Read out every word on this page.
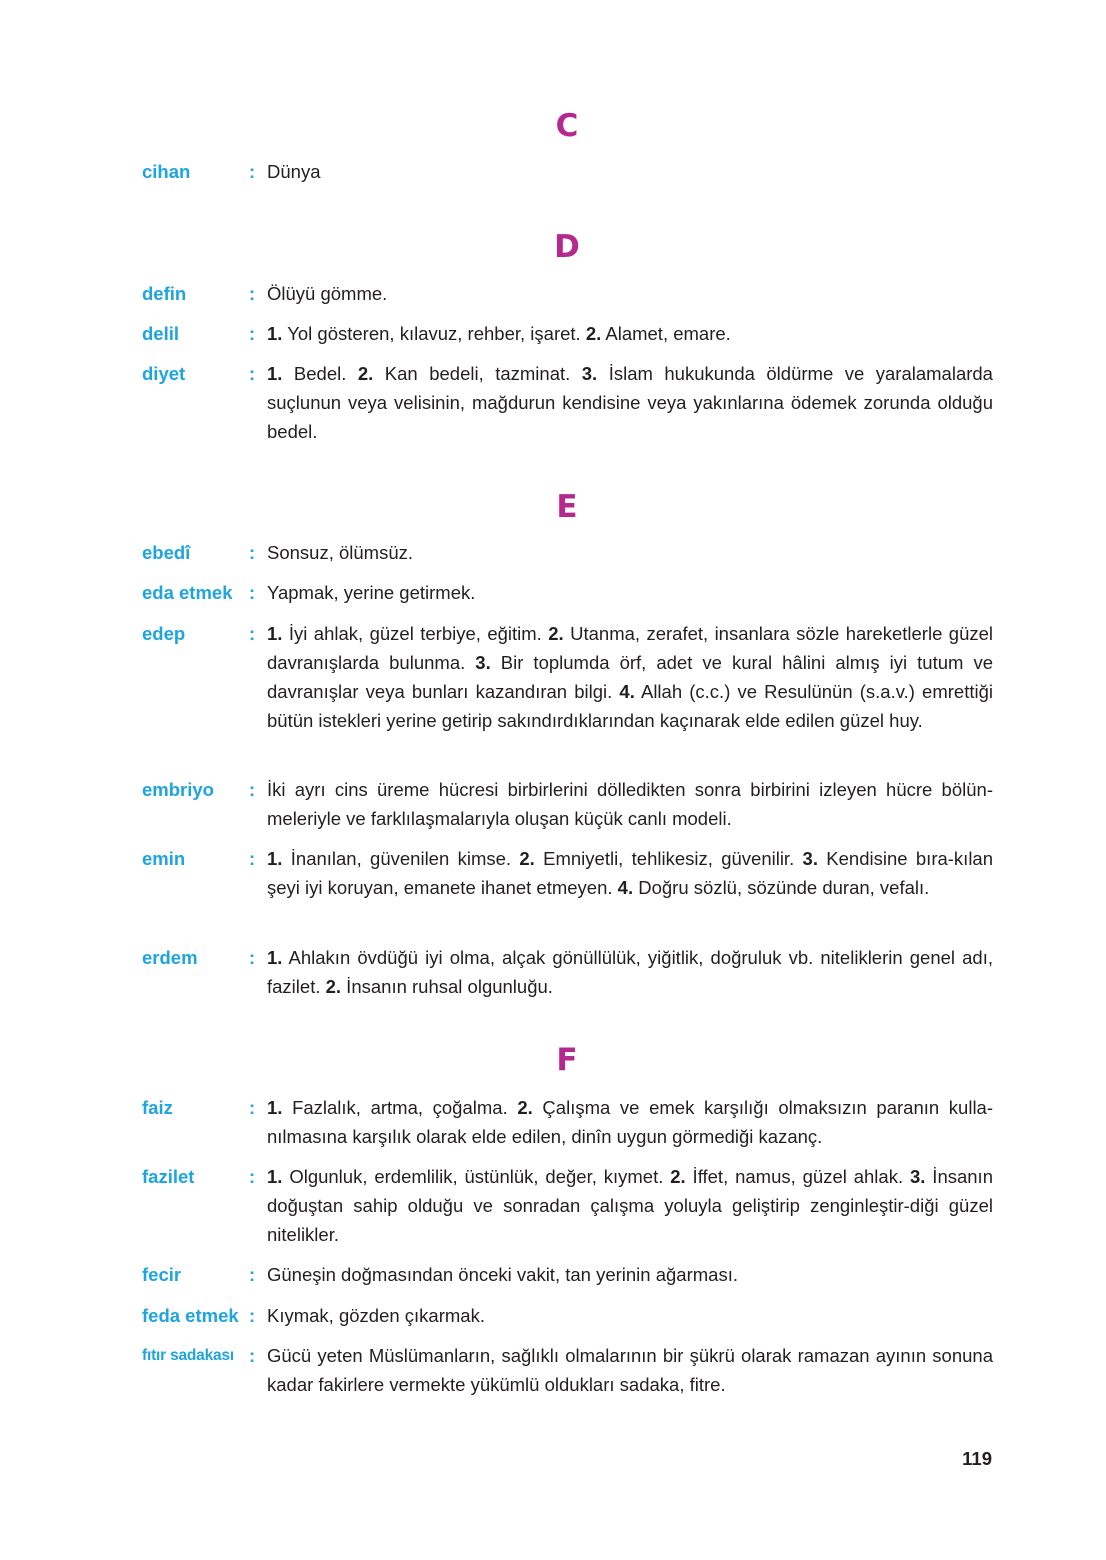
C
D
E
F
cihan	: Dünya
defin	: Ölüyü gömme.
delil	: 1. Yol gösteren, kılavuz, rehber, işaret. 2. Alamet, emare.
diyet	: 1. Bedel. 2. Kan bedeli, tazminat. 3. İslam hukukunda öldürme ve yaralamalarda suçlunun veya velisinin, mağdurun kendisine veya yakınlarına ödemek zorunda olduğu bedel.
ebedî	: Sonsuz, ölümsüz.
eda etmek : Yapmak, yerine getirmek.
edep	: 1. İyi ahlak, güzel terbiye, eğitim. 2. Utanma, zerafet, insanlara sözle hareketlerle güzel davranışlarda bulunma. 3. Bir toplumda örf, adet ve kural hâlini almış iyi tutum ve davranışlar veya bunları kazandıran bilgi. 4. Allah (c.c.) ve Resulünün (s.a.v.) emrettiği bütün istekleri yerine getirip sakındırdıklarından kaçınarak elde edilen güzel huy.
embriyo	: İki ayrı cins üreme hücresi birbirlerini dölledikten sonra birbirini izleyen hücre bölün-meleriyle ve farklılaşmalarıyla oluşan küçük canlı modeli.
emin	: 1. İnanılan, güvenilen kimse. 2. Emniyetli, tehlikesiz, güvenilir. 3. Kendisine bıra-kılan şeyi iyi koruyan, emanete ihanet etmeyen. 4. Doğru sözlü, sözünde duran, vefalı.
erdem	: 1. Ahlakın övdüğü iyi olma, alçak gönüllülük, yiğitlik, doğruluk vb. niteliklerin genel adı, fazilet. 2. İnsanın ruhsal olgunluğu.
faiz	: 1. Fazlalık, artma, çoğalma. 2. Çalışma ve emek karşılığı olmaksızın paranın kulla-nılmasına karşılık olarak elde edilen, dinîn uygun görmediği kazanç.
fazilet	: 1. Olgunluk, erdemlilik, üstünlük, değer, kıymet. 2. İffet, namus, güzel ahlak. 3. İnsanın doğuştan sahip olduğu ve sonradan çalışma yoluyla geliştirip zenginleştir-diği güzel nitelikler.
fecir	: Güneşin doğmasından önceki vakit, tan yerinin ağarması.
feda etmek : Kıymak, gözden çıkarmak.
fıtır sadakası : Gücü yeten Müslümanların, sağlıklı olmalarının bir şükrü olarak ramazan ayının sonuna kadar fakirlere vermekte yükümlü oldukları sadaka, fitre.
119
